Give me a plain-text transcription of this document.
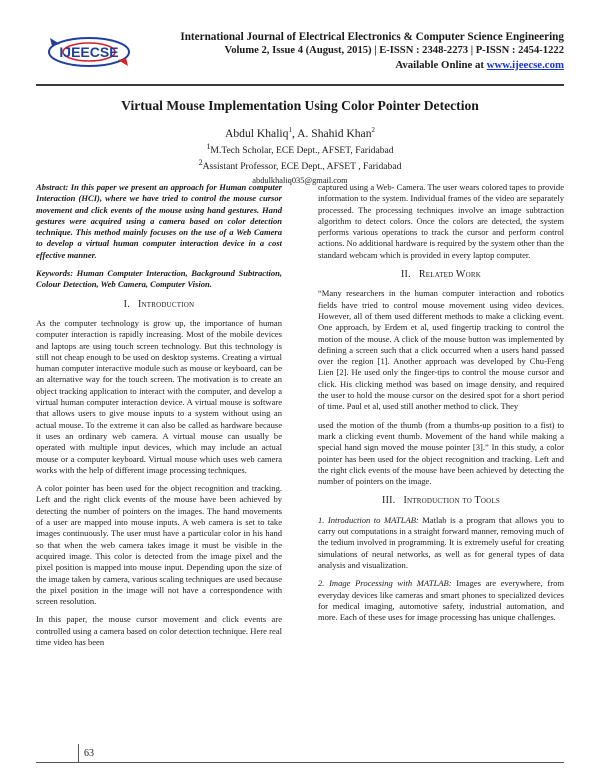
IJEECSE
International Journal of Electrical Electronics & Computer Science Engineering
Volume 2, Issue 4 (August, 2015) | E-ISSN : 2348-2273 | P-ISSN : 2454-1222
Available Online at www.ijeecse.com
Virtual Mouse Implementation Using Color Pointer Detection
Abdul Khaliq$^1$, A. Shahid Khan$^2$
$^1$M.Tech Scholar, ECE Dept., AFSET, Faridabad
$^2$Assistant Professor, ECE Dept., AFSET , Faridabad
abdulkhaliq035@gmail.com

Abstract: In this paper we present an approach for Human computer Interaction (HCI), where we have tried to control the mouse cursor movement and click events of the mouse using hand gestures. Hand gestures were acquired using a camera based on color detection technique. This method mainly focuses on the use of a Web Camera to develop a virtual human computer interaction device in a cost effective manner.

Keywords: Human Computer Interaction, Background Subtraction, Colour Detection, Web Camera, Computer Vision.

I. Introduction

As the computer technology is grow up, the importance of human computer interaction is rapidly increasing. Most of the mobile devices and laptops are using touch screen technology. But this technology is still not cheap enough to be used on desktop systems. Creating a virtual human computer interactive module such as mouse or keyboard, can be an alternative way for the touch screen. The motivation is to create an object tracking application to interact with the computer, and develop a virtual human computer interaction device. A virtual mouse is software that allows users to give mouse inputs to a system without using an actual mouse. To the extreme it can also be called as hardware because it uses an ordinary web camera. A virtual mouse can usually be operated with multiple input devices, which may include an actual mouse or a computer keyboard. Virtual mouse which uses web camera works with the help of different image processing techniques.

A color pointer has been used for the object recognition and tracking. Left and the right click events of the mouse have been achieved by detecting the number of pointers on the images. The hand movements of a user are mapped into mouse inputs. A web camera is set to take images continuously. The user must have a particular color in his hand so that when the web camera takes image it must be visible in the acquired image. This color is detected from the image pixel and the pixel position is mapped into mouse input. Depending upon the size of the image taken by camera, various scaling techniques are used because the pixel position in the image will not have a correspondence with screen resolution.

In this paper, the mouse cursor movement and click events are controlled using a camera based on color detection technique. Here real time video has been

captured using a Web- Camera. The user wears colored tapes to provide information to the system. Individual frames of the video are separately processed. The processing techniques involve an image subtraction algorithm to detect colors. Once the colors are detected, the system performs various operations to track the cursor and perform control actions. No additional hardware is required by the system other than the standard webcam which is provided in every laptop computer.

II. Related Work

“Many researchers in the human computer interaction and robotics fields have tried to control mouse movement using video devices. However, all of them used different methods to make a clicking event. One approach, by Erdem et al, used fingertip tracking to control the motion of the mouse. A click of the mouse button was implemented by defining a screen such that a click occurred when a users hand passed over the region [1]. Another approach was developed by Chu-Feng Lien [2]. He used only the finger-tips to control the mouse cursor and click. His clicking method was based on image density, and required the user to hold the mouse cursor on the desired spot for a short period of time. Paul et al, used still another method to click. They

used the motion of the thumb (from a thumbs-up position to a fist) to mark a clicking event thumb. Movement of the hand while making a special hand sign moved the mouse pointer [3].” In this study, a color pointer has been used for the object recognition and tracking. Left and the right click events of the mouse have been achieved by detecting the number of pointers on the image.

III. Introduction to Tools

1. Introduction to MATLAB: Matlab is a program that allows you to carry out computations in a straight forward manner, removing much of the tedium involved in programming. It is extremely useful for creating simulations of neural networks, as well as for general types of data analysis and visualization.

2. Image Processing with MATLAB: Images are everywhere, from everyday devices like cameras and smart phones to specialized devices for medical imaging, automotive safety, industrial automation, and more. Each of these uses for image processing has unique challenges.

63
